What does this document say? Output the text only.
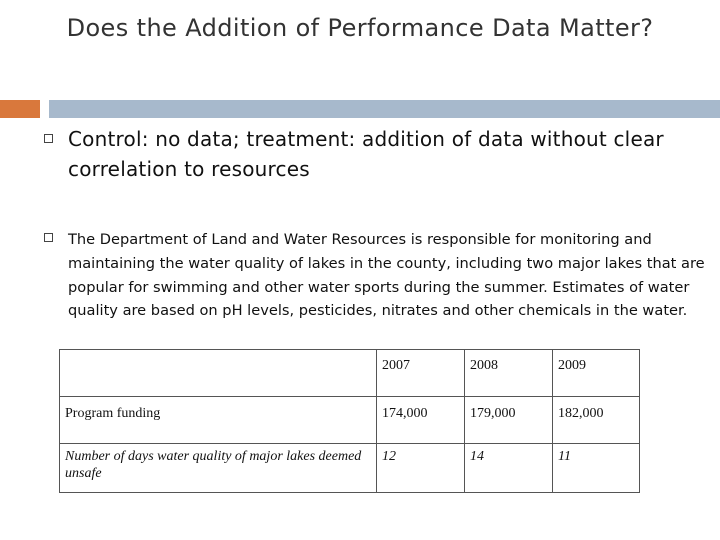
Does the Addition of Performance Data Matter?
Control: no data; treatment: addition of data without clear correlation to resources
The Department of Land and Water Resources is responsible for monitoring and maintaining the water quality of lakes in the county, including two major lakes that are popular for swimming and other water sports during the summer. Estimates of water quality are based on pH levels, pesticides, nitrates and other chemicals in the water.

	2007	2008	2009

Program funding	174,000	179,000	182,000

Number of days water quality of major lakes deemed unsafe	12	14	11
